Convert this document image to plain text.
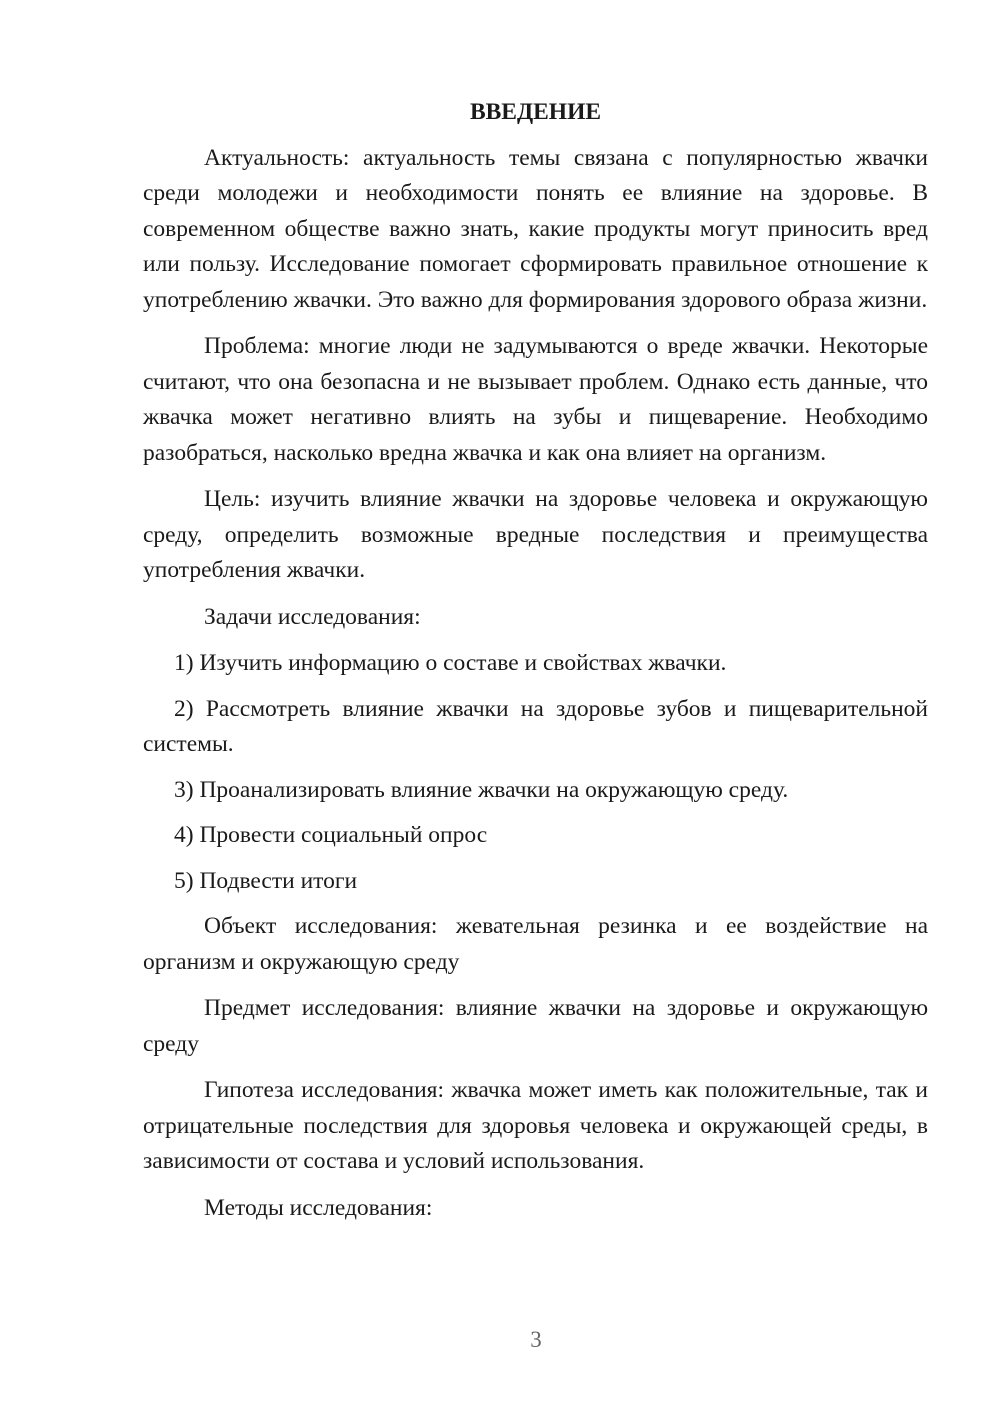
ВВЕДЕНИЕ

Актуальность: актуальность темы связана с популярностью жвачки среди молодежи и необходимости понять ее влияние на здоровье. В современном обществе важно знать, какие продукты могут приносить вред или пользу. Исследование помогает сформировать правильное отношение к употреблению жвачки. Это важно для формирования здорового образа жизни.

Проблема: многие люди не задумываются о вреде жвачки. Некоторые считают, что она безопасна и не вызывает проблем. Однако есть данные, что жвачка может негативно влиять на зубы и пищеварение. Необходимо разобраться, насколько вредна жвачка и как она влияет на организм.

Цель: изучить влияние жвачки на здоровье человека и окружающую среду, определить возможные вредные последствия и преимущества употребления жвачки.

Задачи исследования:

1) Изучить информацию о составе и свойствах жвачки.

2) Рассмотреть влияние жвачки на здоровье зубов и пищеварительной системы.

3) Проанализировать влияние жвачки на окружающую среду.

4) Провести социальный опрос

5) Подвести итоги

Объект исследования: жевательная резинка и ее воздействие на организм и окружающую среду

Предмет исследования: влияние жвачки на здоровье и окружающую среду

Гипотеза исследования: жвачка может иметь как положительные, так и отрицательные последствия для здоровья человека и окружающей среды, в зависимости от состава и условий использования.

Методы исследования:

3
